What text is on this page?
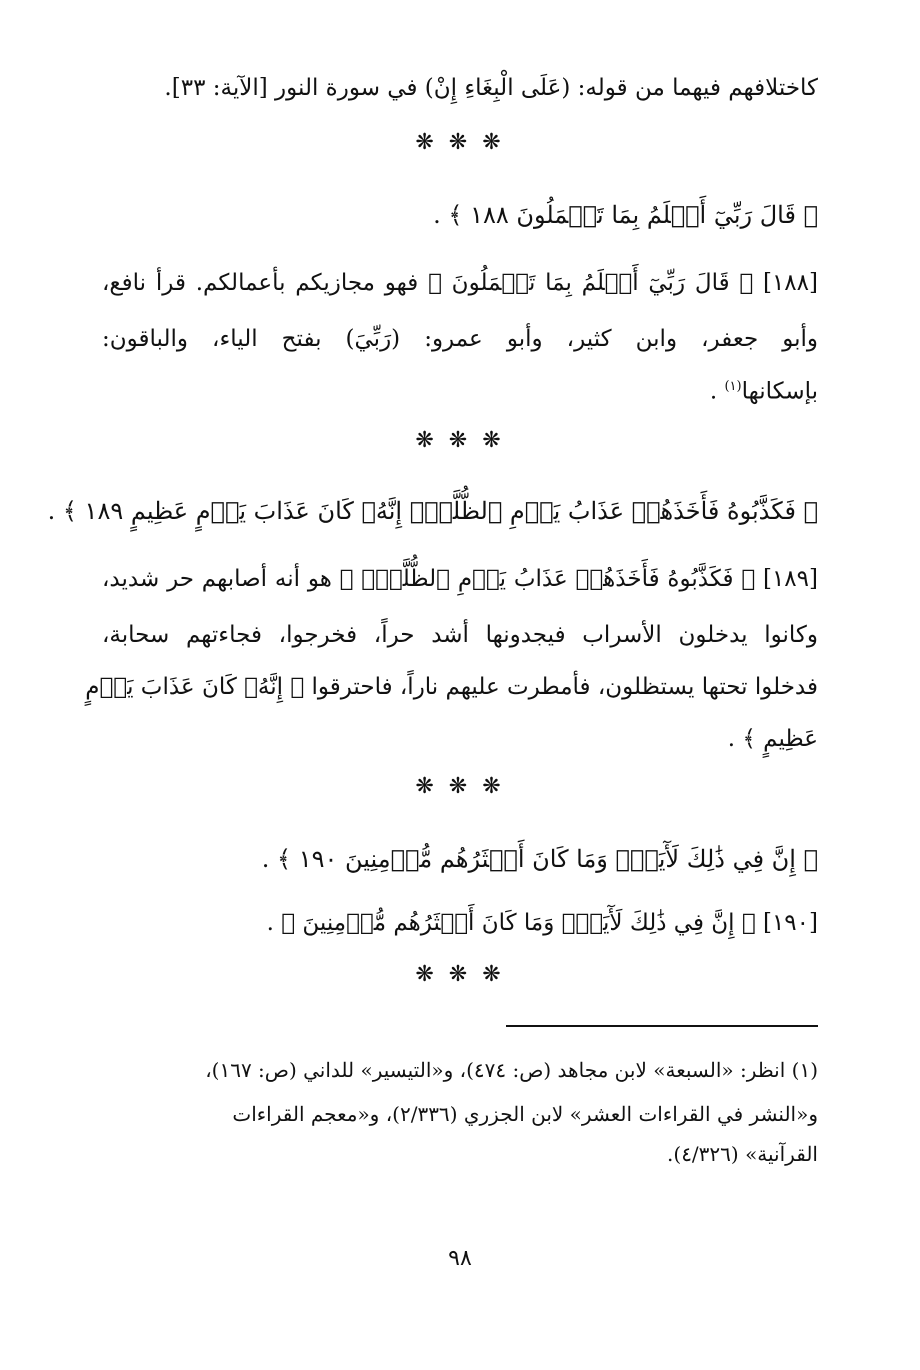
كاختلافهم فيهما من قوله: (عَلَى الْبِغَاءِ إِنْ) في سورة النور [الآية: ٣٣].
❋ ❋ ❋
﴿ قَالَ رَبِّيٓ أَعۡلَمُ بِمَا تَعۡمَلُونَ ١٨٨ ﴾ .
[١٨٨] ﴿ قَالَ رَبِّيٓ أَعۡلَمُ بِمَا تَعۡمَلُونَ ﴾ فهو مجازيكم بأعمالكم. قرأ نافع،
وأبو جعفر، وابن كثير، وأبو عمرو: (رَبِّيَ) بفتح الياء، والباقون:
بإسكانها$^{(١)}$ .
❋ ❋ ❋
﴿ فَكَذَّبُوهُ فَأَخَذَهُمۡ عَذَابُ يَوۡمِ ٱلظُّلَّةِۚ إِنَّهُۥ كَانَ عَذَابَ يَوۡمٍ عَظِيمٍ ١٨٩ ﴾ .
[١٨٩] ﴿ فَكَذَّبُوهُ فَأَخَذَهُمۡ عَذَابُ يَوۡمِ ٱلظُّلَّةِۚ ﴾ هو أنه أصابهم حر شديد،
وكانوا يدخلون الأسراب فيجدونها أشد حراً، فخرجوا، فجاءتهم سحابة،
فدخلوا تحتها يستظلون، فأمطرت عليهم ناراً، فاحترقوا ﴿ إِنَّهُۥ كَانَ عَذَابَ يَوۡمٍ
عَظِيمٍ ﴾ .
❋ ❋ ❋
﴿ إِنَّ فِي ذَٰلِكَ لَأٓيَةٗۖ وَمَا كَانَ أَكۡثَرُهُم مُّؤۡمِنِينَ ١٩٠ ﴾ .
[١٩٠] ﴿ إِنَّ فِي ذَٰلِكَ لَأٓيَةٗۖ وَمَا كَانَ أَكۡثَرُهُم مُّؤۡمِنِينَ ﴾ .
❋ ❋ ❋
(١) انظر: «السبعة» لابن مجاهد (ص: ٤٧٤)، و«التيسير» للداني (ص: ١٦٧)،
و«النشر في القراءات العشر» لابن الجزري (٢/٣٣٦)، و«معجم القراءات
القرآنية» (٤/٣٢٦).
٩٨
